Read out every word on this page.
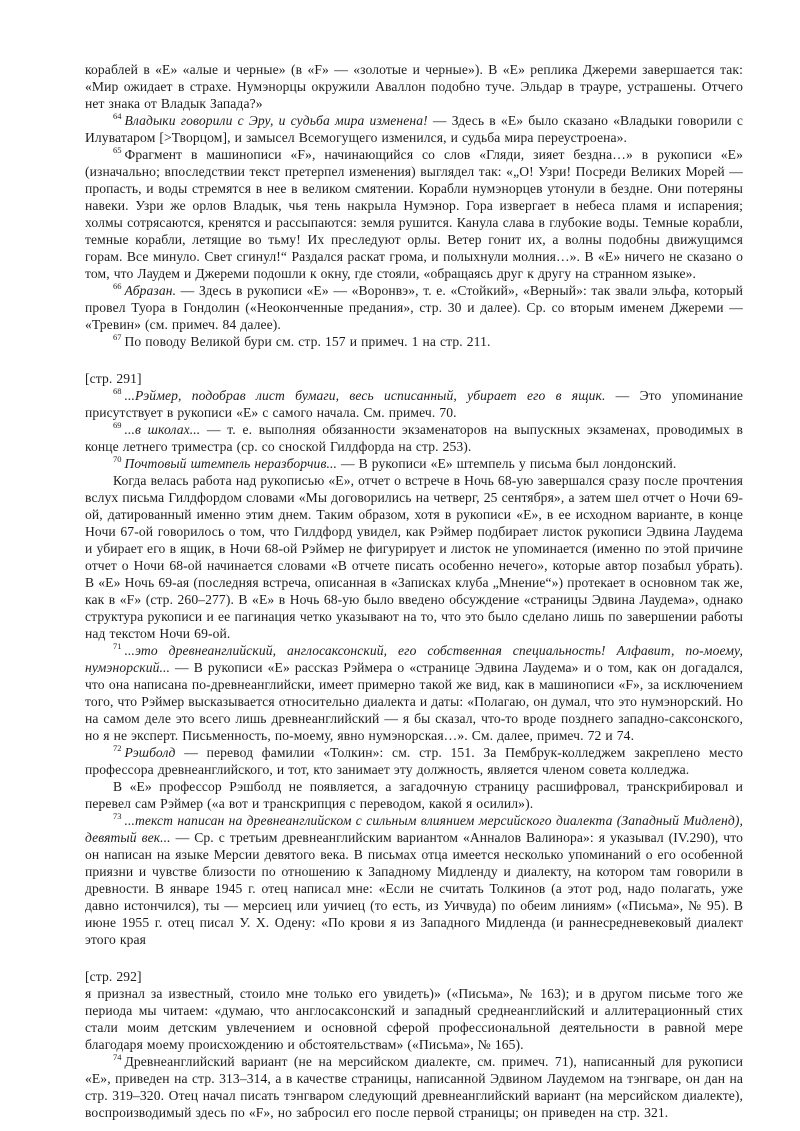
кораблей в «Е» «алые и черные» (в «F» — «золотые и черные»). В «Е» реплика Джереми завершается так: «Мир ожидает в страхе. Нумэнорцы окружили Аваллон подобно туче. Эльдар в трауре, устрашены. Отчего нет знака от Владык Запада?»

$^{64}$ Владыки говорили с Эру, и судьба мира изменена! — Здесь в «Е» было сказано «Владыки говорили с Илуватаром [>Творцом], и замысел Всемогущего изменился, и судьба мира переустроена».

$^{65}$ Фрагмент в машинописи «F», начинающийся со слов «Гляди, зияет бездна…» в рукописи «Е» (изначально; впоследствии текст претерпел изменения) выглядел так: «„О! Узри! Посреди Великих Морей — пропасть, и воды стремятся в нее в великом смятении. Корабли нумэнорцев утонули в бездне. Они потеряны навеки. Узри же орлов Владык, чья тень накрыла Нумэнор. Гора извергает в небеса пламя и испарения; холмы сотрясаются, кренятся и рассыпаются: земля рушится. Канула слава в глубокие воды. Темные корабли, темные корабли, летящие во тьму! Их преследуют орлы. Ветер гонит их, а волны подобны движущимся горам. Все минуло. Свет сгинул!“ Раздался раскат грома, и полыхнули молния…». В «Е» ничего не сказано о том, что Лаудем и Джереми подошли к окну, где стояли, «обращаясь друг к другу на странном языке».

$^{66}$ Абразан. — Здесь в рукописи «Е» — «Воронвэ», т. е. «Стойкий», «Верный»: так звали эльфа, который провел Туора в Гондолин («Неоконченные предания», стр. 30 и далее). Ср. со вторым именем Джереми — «Тревин» (см. примеч. 84 далее).

$^{67}$ По поводу Великой бури см. стр. 157 и примеч. 1 на стр. 211.

[стр. 291]

$^{68}$ ...Рэймер, подобрав лист бумаги, весь исписанный, убирает его в ящик. — Это упоминание присутствует в рукописи «Е» с самого начала. См. примеч. 70.

$^{69}$ ...в школах... — т. е. выполняя обязанности экзаменаторов на выпускных экзаменах, проводимых в конце летнего триместра (ср. со сноской Гилдфорда на стр. 253).

$^{70}$ Почтовый штемпель неразборчив... — В рукописи «Е» штемпель у письма был лондонский.

Когда велась работа над рукописью «Е», отчет о встрече в Ночь 68-ую завершался сразу после прочтения вслух письма Гилдфордом словами «Мы договорились на четверг, 25 сентября», а затем шел отчет о Ночи 69-ой, датированный именно этим днем. Таким образом, хотя в рукописи «Е», в ее исходном варианте, в конце Ночи 67-ой говорилось о том, что Гилдфорд увидел, как Рэймер подбирает листок рукописи Эдвина Лаудема и убирает его в ящик, в Ночи 68-ой Рэймер не фигурирует и листок не упоминается (именно по этой причине отчет о Ночи 68-ой начинается словами «В отчете писать особенно нечего», которые автор позабыл убрать). В «Е» Ночь 69-ая (последняя встреча, описанная в «Записках клуба „Мнение“») протекает в основном так же, как в «F» (стр. 260–277). В «Е» в Ночь 68-ую было введено обсуждение «страницы Эдвина Лаудема», однако структура рукописи и ее пагинация четко указывают на то, что это было сделано лишь по завершении работы над текстом Ночи 69-ой.

$^{71}$ ...это древнеанглийский, англосаксонский, его собственная специальность! Алфавит, по-моему, нумэнорский... — В рукописи «Е» рассказ Рэймера о «странице Эдвина Лаудема» и о том, как он догадался, что она написана по-древнеанглийски, имеет примерно такой же вид, как в машинописи «F», за исключением того, что Рэймер высказывается относительно диалекта и даты: «Полагаю, он думал, что это нумэнорский. Но на самом деле это всего лишь древнеанглийский — я бы сказал, что-то вроде позднего западно-саксонского, но я не эксперт. Письменность, по-моему, явно нумэнорская…». См. далее, примеч. 72 и 74.

$^{72}$ Рэшболд — перевод фамилии «Толкин»: см. стр. 151. За Пембрук-колледжем закреплено место профессора древнеанглийского, и тот, кто занимает эту должность, является членом совета колледжа.

В «Е» профессор Рэшболд не появляется, а загадочную страницу расшифровал, транскрибировал и перевел сам Рэймер («а вот и транскрипция с переводом, какой я осилил»).

$^{73}$ ...текст написан на древнеанглийском с сильным влиянием мерсийского диалекта (Западный Мидленд), девятый век... — Ср. с третьим древнеанглийским вариантом «Анналов Валинора»: я указывал (IV.290), что он написан на языке Мерсии девятого века. В письмах отца имеется несколько упоминаний о его особенной приязни и чувстве близости по отношению к Западному Мидленду и диалекту, на котором там говорили в древности. В январе 1945 г. отец написал мне: «Если не считать Толкинов (а этот род, надо полагать, уже давно истончился), ты — мерсиец или уичиец (то есть, из Уичвуда) по обеим линиям» («Письма», № 95). В июне 1955 г. отец писал У. Х. Одену: «По крови я из Западного Мидленда (и раннесредневековый диалект этого края

[стр. 292]

я признал за известный, стоило мне только его увидеть)» («Письма», № 163); и в другом письме того же периода мы читаем: «думаю, что англосаксонский и западный среднеанглийский и аллитерационный стих стали моим детским увлечением и основной сферой профессиональной деятельности в равной мере благодаря моему происхождению и обстоятельствам» («Письма», № 165).

$^{74}$ Древнеанглийский вариант (не на мерсийском диалекте, см. примеч. 71), написанный для рукописи «Е», приведен на стр. 313–314, а в качестве страницы, написанной Эдвином Лаудемом на тэнгваре, он дан на стр. 319–320. Отец начал писать тэнгваром следующий древнеанглийский вариант (на мерсийском диалекте), воспроизводимый здесь по «F», но забросил его после первой страницы; он приведен на стр. 321.
